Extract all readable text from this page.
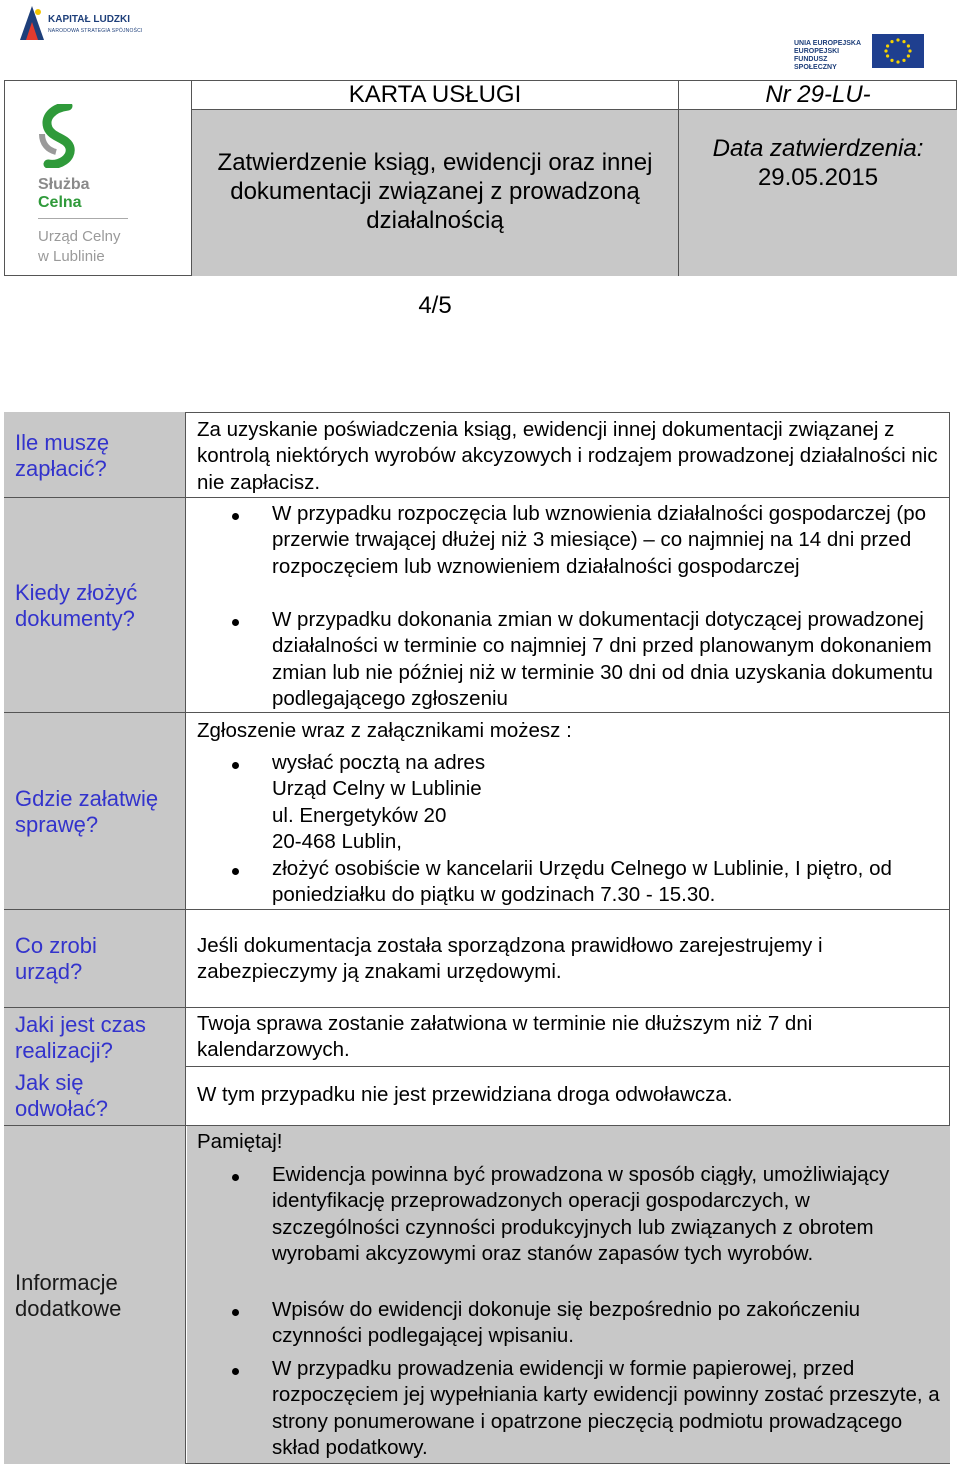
KAPITAŁ LUDZKI
NARODOWA STRATEGIA SPÓJNOŚCI
UNIA EUROPEJSKA EUROPEJSKI FUNDUSZ SPOŁECZNY
Służba
Celna
Urząd Celny
w Lublinie
KARTA USŁUGI	Nr 29-LU-
Zatwierdzenie ksiąg, ewidencji oraz innej dokumentacji związanej z prowadzoną działalnością
Data zatwierdzenia:
29.05.2015
4/5
Ile muszę zapłacić?
Kiedy złożyć dokumenty?
Gdzie załatwię sprawę?
Co zrobi urząd?
Jaki jest czas realizacji?
Jak się odwołać?
Informacje dodatkowe
Za uzyskanie poświadczenia ksiąg, ewidencji innej dokumentacji związanej z kontrolą niektórych wyrobów akcyzowych i rodzajem prowadzonej działalności nic nie zapłacisz.
W przypadku rozpoczęcia lub wznowienia działalności gospodarczej (po przerwie trwającej dłużej niż 3 miesiące) – co najmniej na 14 dni przed rozpoczęciem lub wznowieniem działalności gospodarczej
W przypadku dokonania zmian w dokumentacji dotyczącej prowadzonej działalności w terminie co najmniej 7 dni przed planowanym dokonaniem zmian lub nie później niż w terminie 30 dni od dnia uzyskania dokumentu podlegającego zgłoszeniu
Zgłoszenie wraz z załącznikami możesz :
wysłać pocztą na adres
Urząd Celny w Lublinie
ul. Energetyków 20
20-468 Lublin,
złożyć osobiście w kancelarii Urzędu Celnego w Lublinie, I piętro, od poniedziałku do piątku w godzinach 7.30 - 15.30.
Jeśli dokumentacja została sporządzona prawidłowo zarejestrujemy i zabezpieczymy ją znakami urzędowymi.
Twoja sprawa zostanie załatwiona w terminie nie dłuższym niż 7 dni kalendarzowych.
W tym przypadku nie jest przewidziana droga odwoławcza.
Pamiętaj!
Ewidencja powinna być prowadzona w sposób ciągły, umożliwiający identyfikację przeprowadzonych operacji gospodarczych, w szczególności czynności produkcyjnych lub związanych z obrotem wyrobami akcyzowymi oraz stanów zapasów tych wyrobów.
Wpisów do ewidencji dokonuje się bezpośrednio po zakończeniu czynności podlegającej wpisaniu.
W przypadku prowadzenia ewidencji w formie papierowej, przed rozpoczęciem jej wypełniania karty ewidencji powinny zostać przeszyte, a strony ponumerowane i opatrzone pieczęcią podmiotu prowadzącego skład podatkowy.
